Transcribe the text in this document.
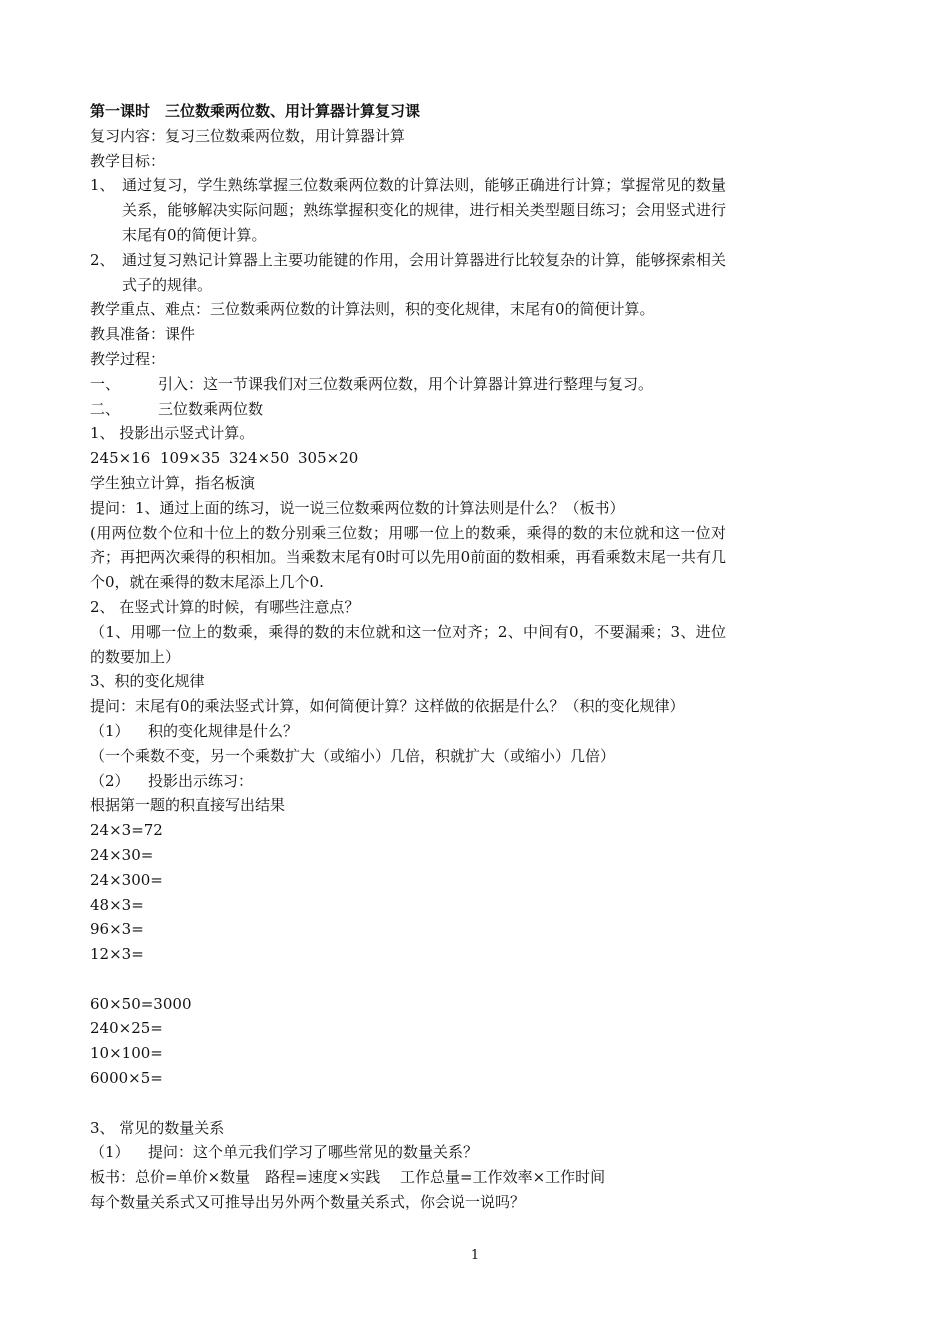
第一课时　三位数乘两位数、用计算器计算复习课
复习内容：复习三位数乘两位数，用计算器计算
教学目标：
1、 通过复习，学生熟练掌握三位数乘两位数的计算法则，能够正确进行计算；掌握常见的数量关系，能够解决实际问题；熟练掌握积变化的规律，进行相关类型题目练习；会用竖式进行末尾有0的简便计算。
2、 通过复习熟记计算器上主要功能键的作用，会用计算器进行比较复杂的计算，能够探索相关式子的规律。
教学重点、难点：三位数乘两位数的计算法则，积的变化规律，末尾有0的简便计算。
教具准备：课件
教学过程：
一、	引入：这一节课我们对三位数乘两位数，用个计算器计算进行整理与复习。
二、	三位数乘两位数
1、 投影出示竖式计算。
245×16 109×35 324×50 305×20
学生独立计算，指名板演
提问：1、通过上面的练习，说一说三位数乘两位数的计算法则是什么？（板书）
(用两位数个位和十位上的数分别乘三位数；用哪一位上的数乘，乘得的数的末位就和这一位对齐；再把两次乘得的积相加。当乘数末尾有0时可以先用0前面的数相乘，再看乘数末尾一共有几个0，就在乘得的数末尾添上几个0.
2、 在竖式计算的时候，有哪些注意点？
（1、用哪一位上的数乘，乘得的数的末位就和这一位对齐；2、中间有0，不要漏乘；3、进位的数要加上）
3、积的变化规律
提问：末尾有0的乘法竖式计算，如何简便计算？这样做的依据是什么？（积的变化规律）
（1） 积的变化规律是什么？
（一个乘数不变，另一个乘数扩大（或缩小）几倍，积就扩大（或缩小）几倍）
（2） 投影出示练习：
根据第一题的积直接写出结果
24×3=72
24×30=
24×300=
48×3=
96×3=
12×3=
60×50=3000
240×25=
10×100=
6000×5=
3、 常见的数量关系
（1） 提问：这个单元我们学习了哪些常见的数量关系？
板书：总价=单价×数量　路程=速度×实践　 工作总量=工作效率×工作时间
每个数量关系式又可推导出另外两个数量关系式，你会说一说吗？
1
